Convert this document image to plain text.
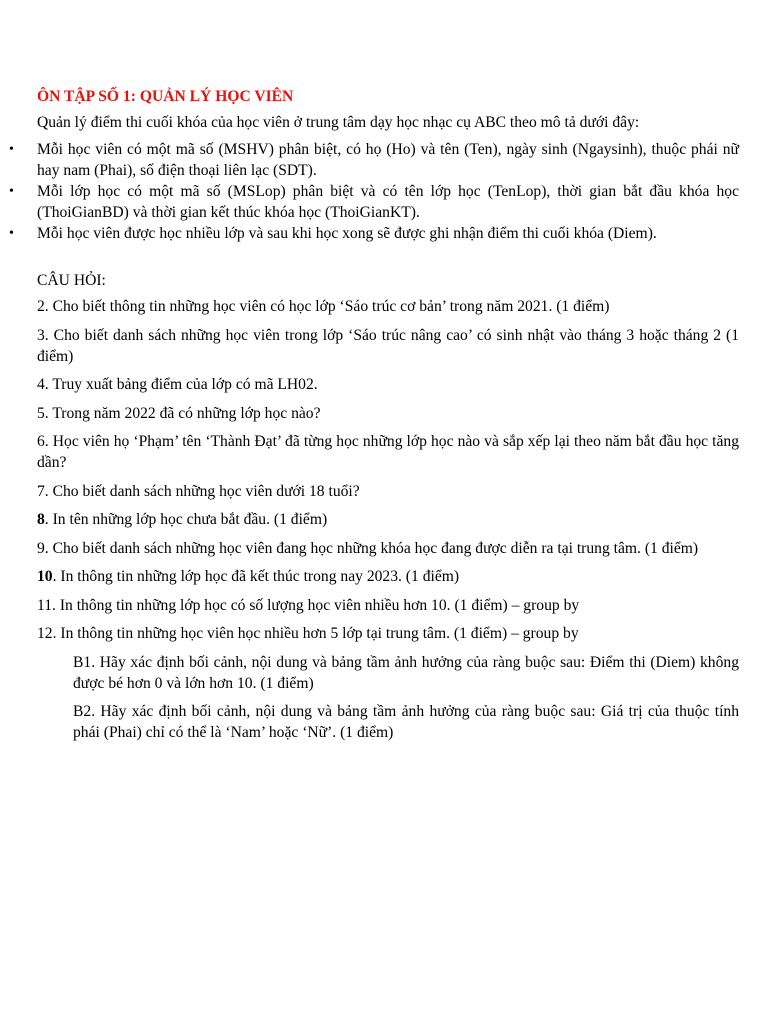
ÔN TẬP SỐ 1: QUẢN LÝ HỌC VIÊN
Quản lý điểm thi cuối khóa của học viên ở trung tâm dạy học nhạc cụ ABC theo mô tả dưới đây:
• Mỗi học viên có một mã số (MSHV) phân biệt, có họ (Ho) và tên (Ten), ngày sinh (Ngaysinh), thuộc phái nữ hay nam (Phai), số điện thoại liên lạc (SDT).
• Mỗi lớp học có một mã số (MSLop) phân biệt và có tên lớp học (TenLop), thời gian bắt đầu khóa học (ThoiGianBD) và thời gian kết thúc khóa học (ThoiGianKT).
• Mỗi học viên được học nhiều lớp và sau khi học xong sẽ được ghi nhận điểm thi cuối khóa (Diem).
CÂU HỎI:

2. Cho biết thông tin những học viên có học lớp ‘Sáo trúc cơ bản’ trong năm 2021. (1 điểm)

3. Cho biết danh sách những học viên trong lớp ‘Sáo trúc nâng cao’ có sinh nhật vào tháng 3 hoặc tháng 2 (1 điểm)

4. Truy xuất bảng điểm của lớp có mã LH02.

5. Trong năm 2022 đã có những lớp học nào?

6. Học viên họ ‘Phạm’ tên ‘Thành Đạt’ đã từng học những lớp học nào và sắp xếp lại theo năm bắt đầu học tăng dần?

7. Cho biết danh sách những học viên dưới 18 tuổi?

8. In tên những lớp học chưa bắt đầu. (1 điểm)

9. Cho biết danh sách những học viên đang học những khóa học đang được diễn ra tại trung tâm. (1 điểm)

10. In thông tin những lớp học đã kết thúc trong nay 2023. (1 điểm)

11. In thông tin những lớp học có số lượng học viên nhiều hơn 10. (1 điểm) – group by

12. In thông tin những học viên học nhiều hơn 5 lớp tại trung tâm. (1 điểm) – group by

B1. Hãy xác định bối cảnh, nội dung và bảng tầm ảnh hưởng của ràng buộc sau: Điểm thi (Diem) không được bé hơn 0 và lớn hơn 10. (1 điểm)

B2. Hãy xác định bối cảnh, nội dung và bảng tầm ảnh hưởng của ràng buộc sau: Giá trị của thuộc tính phái (Phai) chỉ có thể là ‘Nam’ hoặc ‘Nữ’. (1 điểm)
